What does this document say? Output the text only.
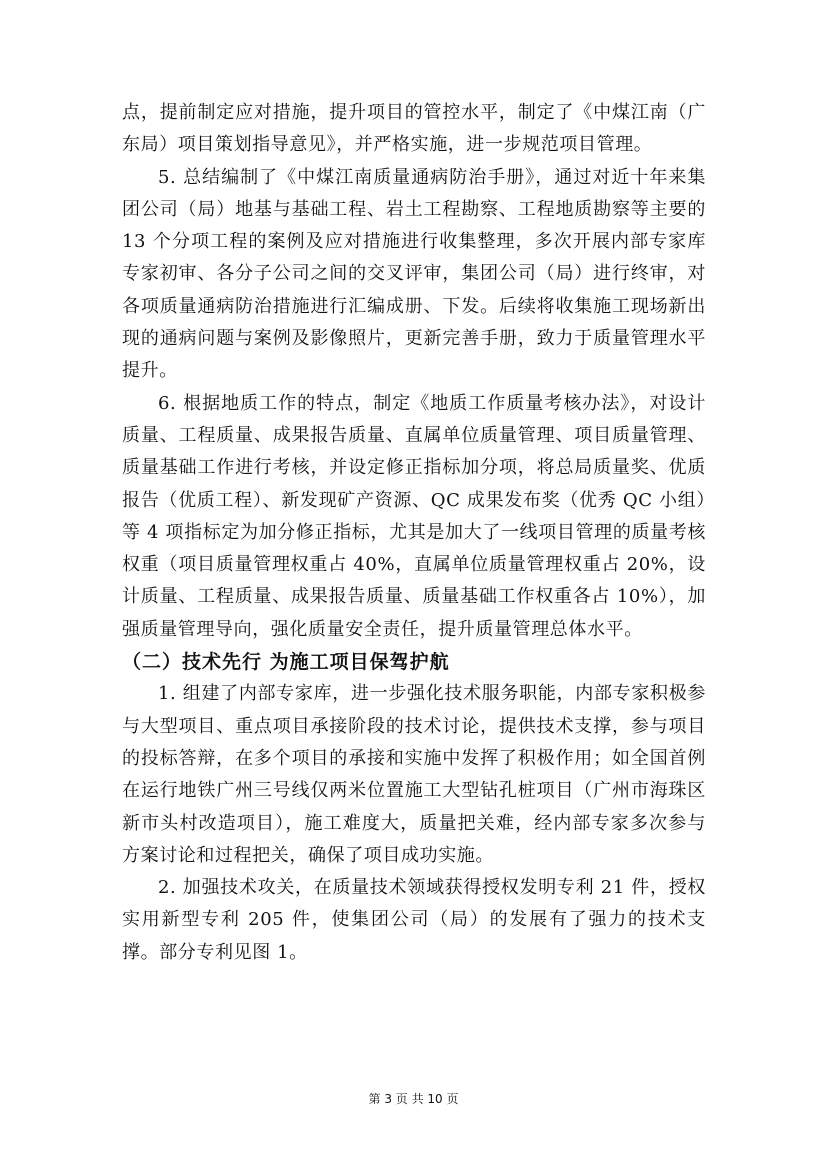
点，提前制定应对措施，提升项目的管控水平，制定了《中煤江南（广东局）项目策划指导意见》，并严格实施，进一步规范项目管理。

5. 总结编制了《中煤江南质量通病防治手册》，通过对近十年来集团公司（局）地基与基础工程、岩土工程勘察、工程地质勘察等主要的 13 个分项工程的案例及应对措施进行收集整理，多次开展内部专家库专家初审、各分子公司之间的交叉评审，集团公司（局）进行终审，对各项质量通病防治措施进行汇编成册、下发。后续将收集施工现场新出现的通病问题与案例及影像照片，更新完善手册，致力于质量管理水平提升。

6. 根据地质工作的特点，制定《地质工作质量考核办法》，对设计质量、工程质量、成果报告质量、直属单位质量管理、项目质量管理、质量基础工作进行考核，并设定修正指标加分项，将总局质量奖、优质报告（优质工程）、新发现矿产资源、QC 成果发布奖（优秀 QC 小组）等 4 项指标定为加分修正指标，尤其是加大了一线项目管理的质量考核权重（项目质量管理权重占 40%，直属单位质量管理权重占 20%，设计质量、工程质量、成果报告质量、质量基础工作权重各占 10%），加强质量管理导向，强化质量安全责任，提升质量管理总体水平。

（二）技术先行 为施工项目保驾护航

1. 组建了内部专家库，进一步强化技术服务职能，内部专家积极参与大型项目、重点项目承接阶段的技术讨论，提供技术支撑，参与项目的投标答辩，在多个项目的承接和实施中发挥了积极作用；如全国首例在运行地铁广州三号线仅两米位置施工大型钻孔桩项目（广州市海珠区新市头村改造项目），施工难度大，质量把关难，经内部专家多次参与方案讨论和过程把关，确保了项目成功实施。

2. 加强技术攻关，在质量技术领域获得授权发明专利 21 件，授权实用新型专利 205 件，使集团公司（局）的发展有了强力的技术支撑。部分专利见图 1。

第 3 页 共 10 页
